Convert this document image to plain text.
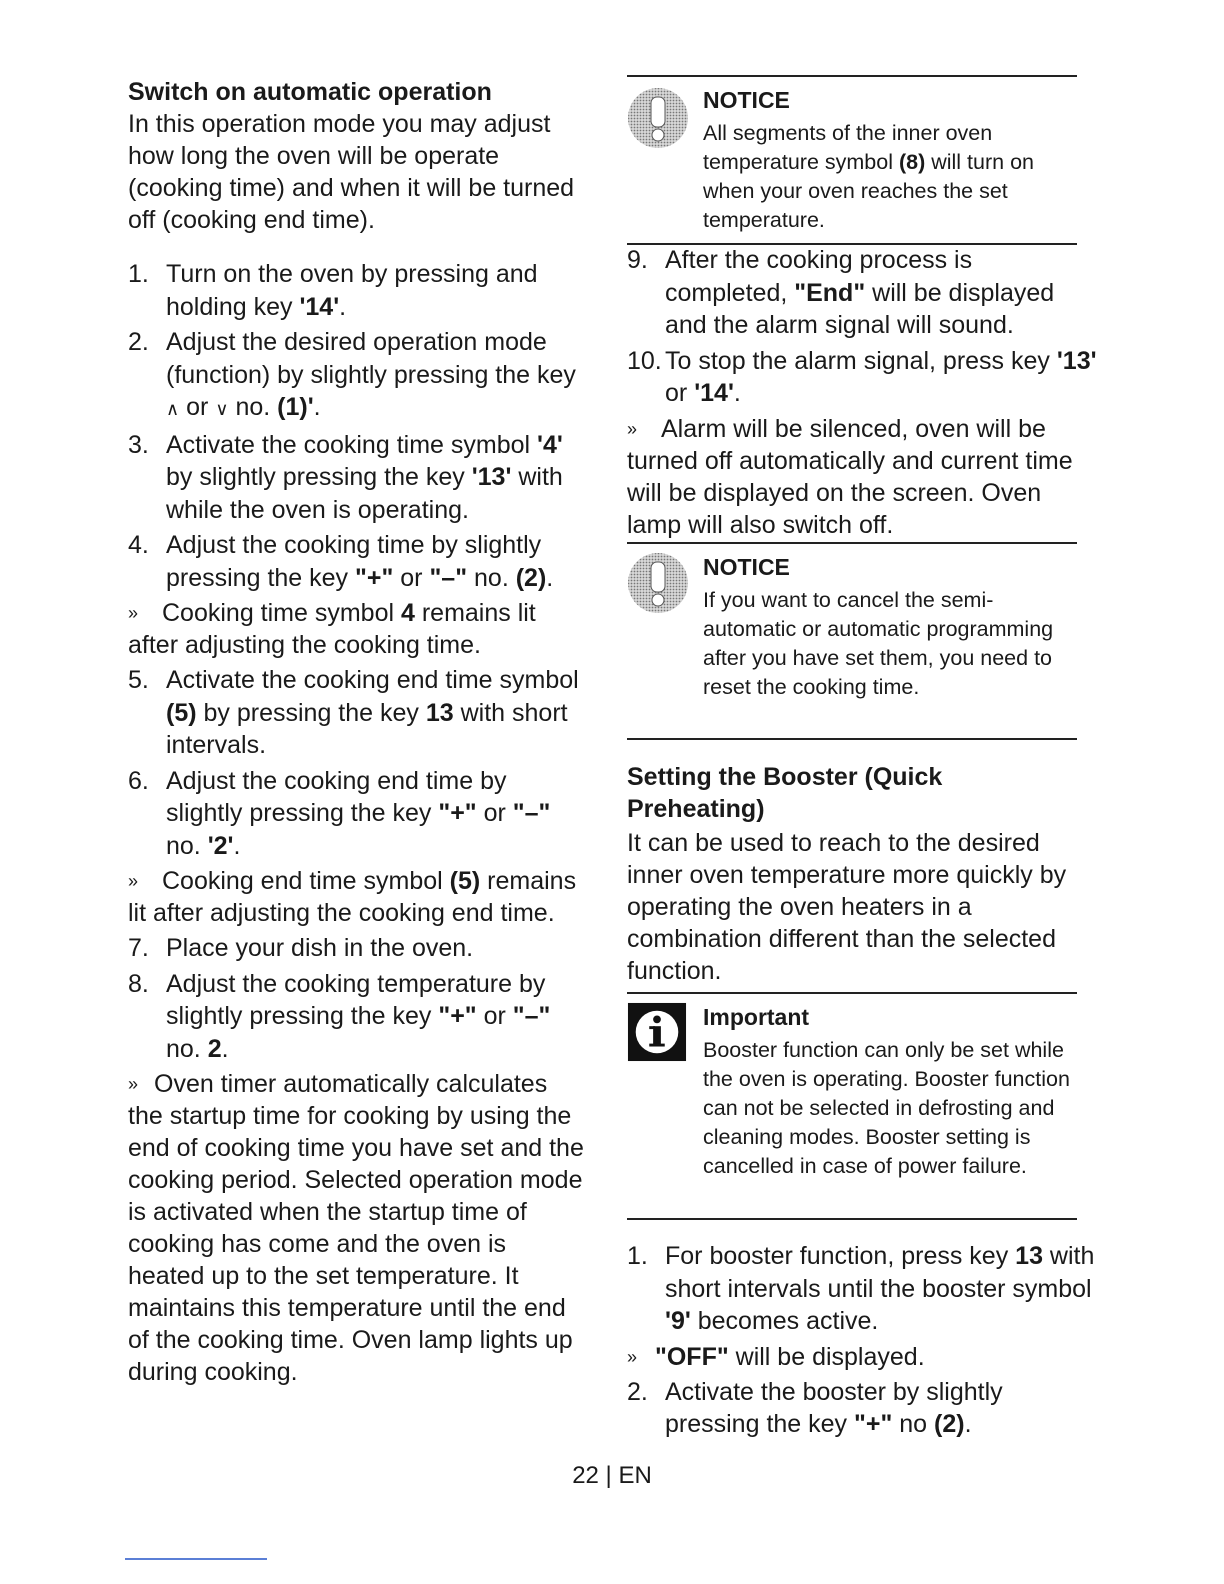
Switch on automatic operation

In this operation mode you may adjust how long the oven will be operate (cooking time) and when it will be turned off (cooking end time).

1. Turn on the oven by pressing and holding key '14'.

2. Adjust the desired operation mode (function) by slightly pressing the key ∧ or ∨ no. (1)'.

3. Activate the cooking time symbol '4' by slightly pressing the key '13' with while the oven is operating.

4. Adjust the cooking time by slightly pressing the key "+" or "–" no. (2).

» Cooking time symbol 4 remains lit after adjusting the cooking time.

5. Activate the cooking end time symbol (5) by pressing the key 13 with short intervals.

6. Adjust the cooking end time by slightly pressing the key "+" or "–" no. '2'.

» Cooking end time symbol (5) remains lit after adjusting the cooking end time.

7. Place your dish in the oven.

8. Adjust the cooking temperature by slightly pressing the key "+" or "–" no. 2.

» Oven timer automatically calculates the startup time for cooking by using the end of cooking time you have set and the cooking period. Selected operation mode is activated when the startup time of cooking has come and the oven is heated up to the set temperature. It maintains this temperature until the end of the cooking time. Oven lamp lights up during cooking.

NOTICE
All segments of the inner oven temperature symbol (8) will turn on when your oven reaches the set temperature.

9. After the cooking process is completed, "End" will be displayed and the alarm signal will sound.

10. To stop the alarm signal, press key '13' or '14'.

» Alarm will be silenced, oven will be turned off automatically and current time will be displayed on the screen. Oven lamp will also switch off.

NOTICE
If you want to cancel the semi-automatic or automatic programming after you have set them, you need to reset the cooking time.

Setting the Booster (Quick Preheating)

It can be used to reach to the desired inner oven temperature more quickly by operating the oven heaters in a combination different than the selected function.

Important
Booster function can only be set while the oven is operating. Booster function can not be selected in defrosting and cleaning modes. Booster setting is cancelled in case of power failure.

1. For booster function, press key 13 with short intervals until the booster symbol '9' becomes active.

» "OFF" will be displayed.

2. Activate the booster by slightly pressing the key "+" no (2).

22 | EN
